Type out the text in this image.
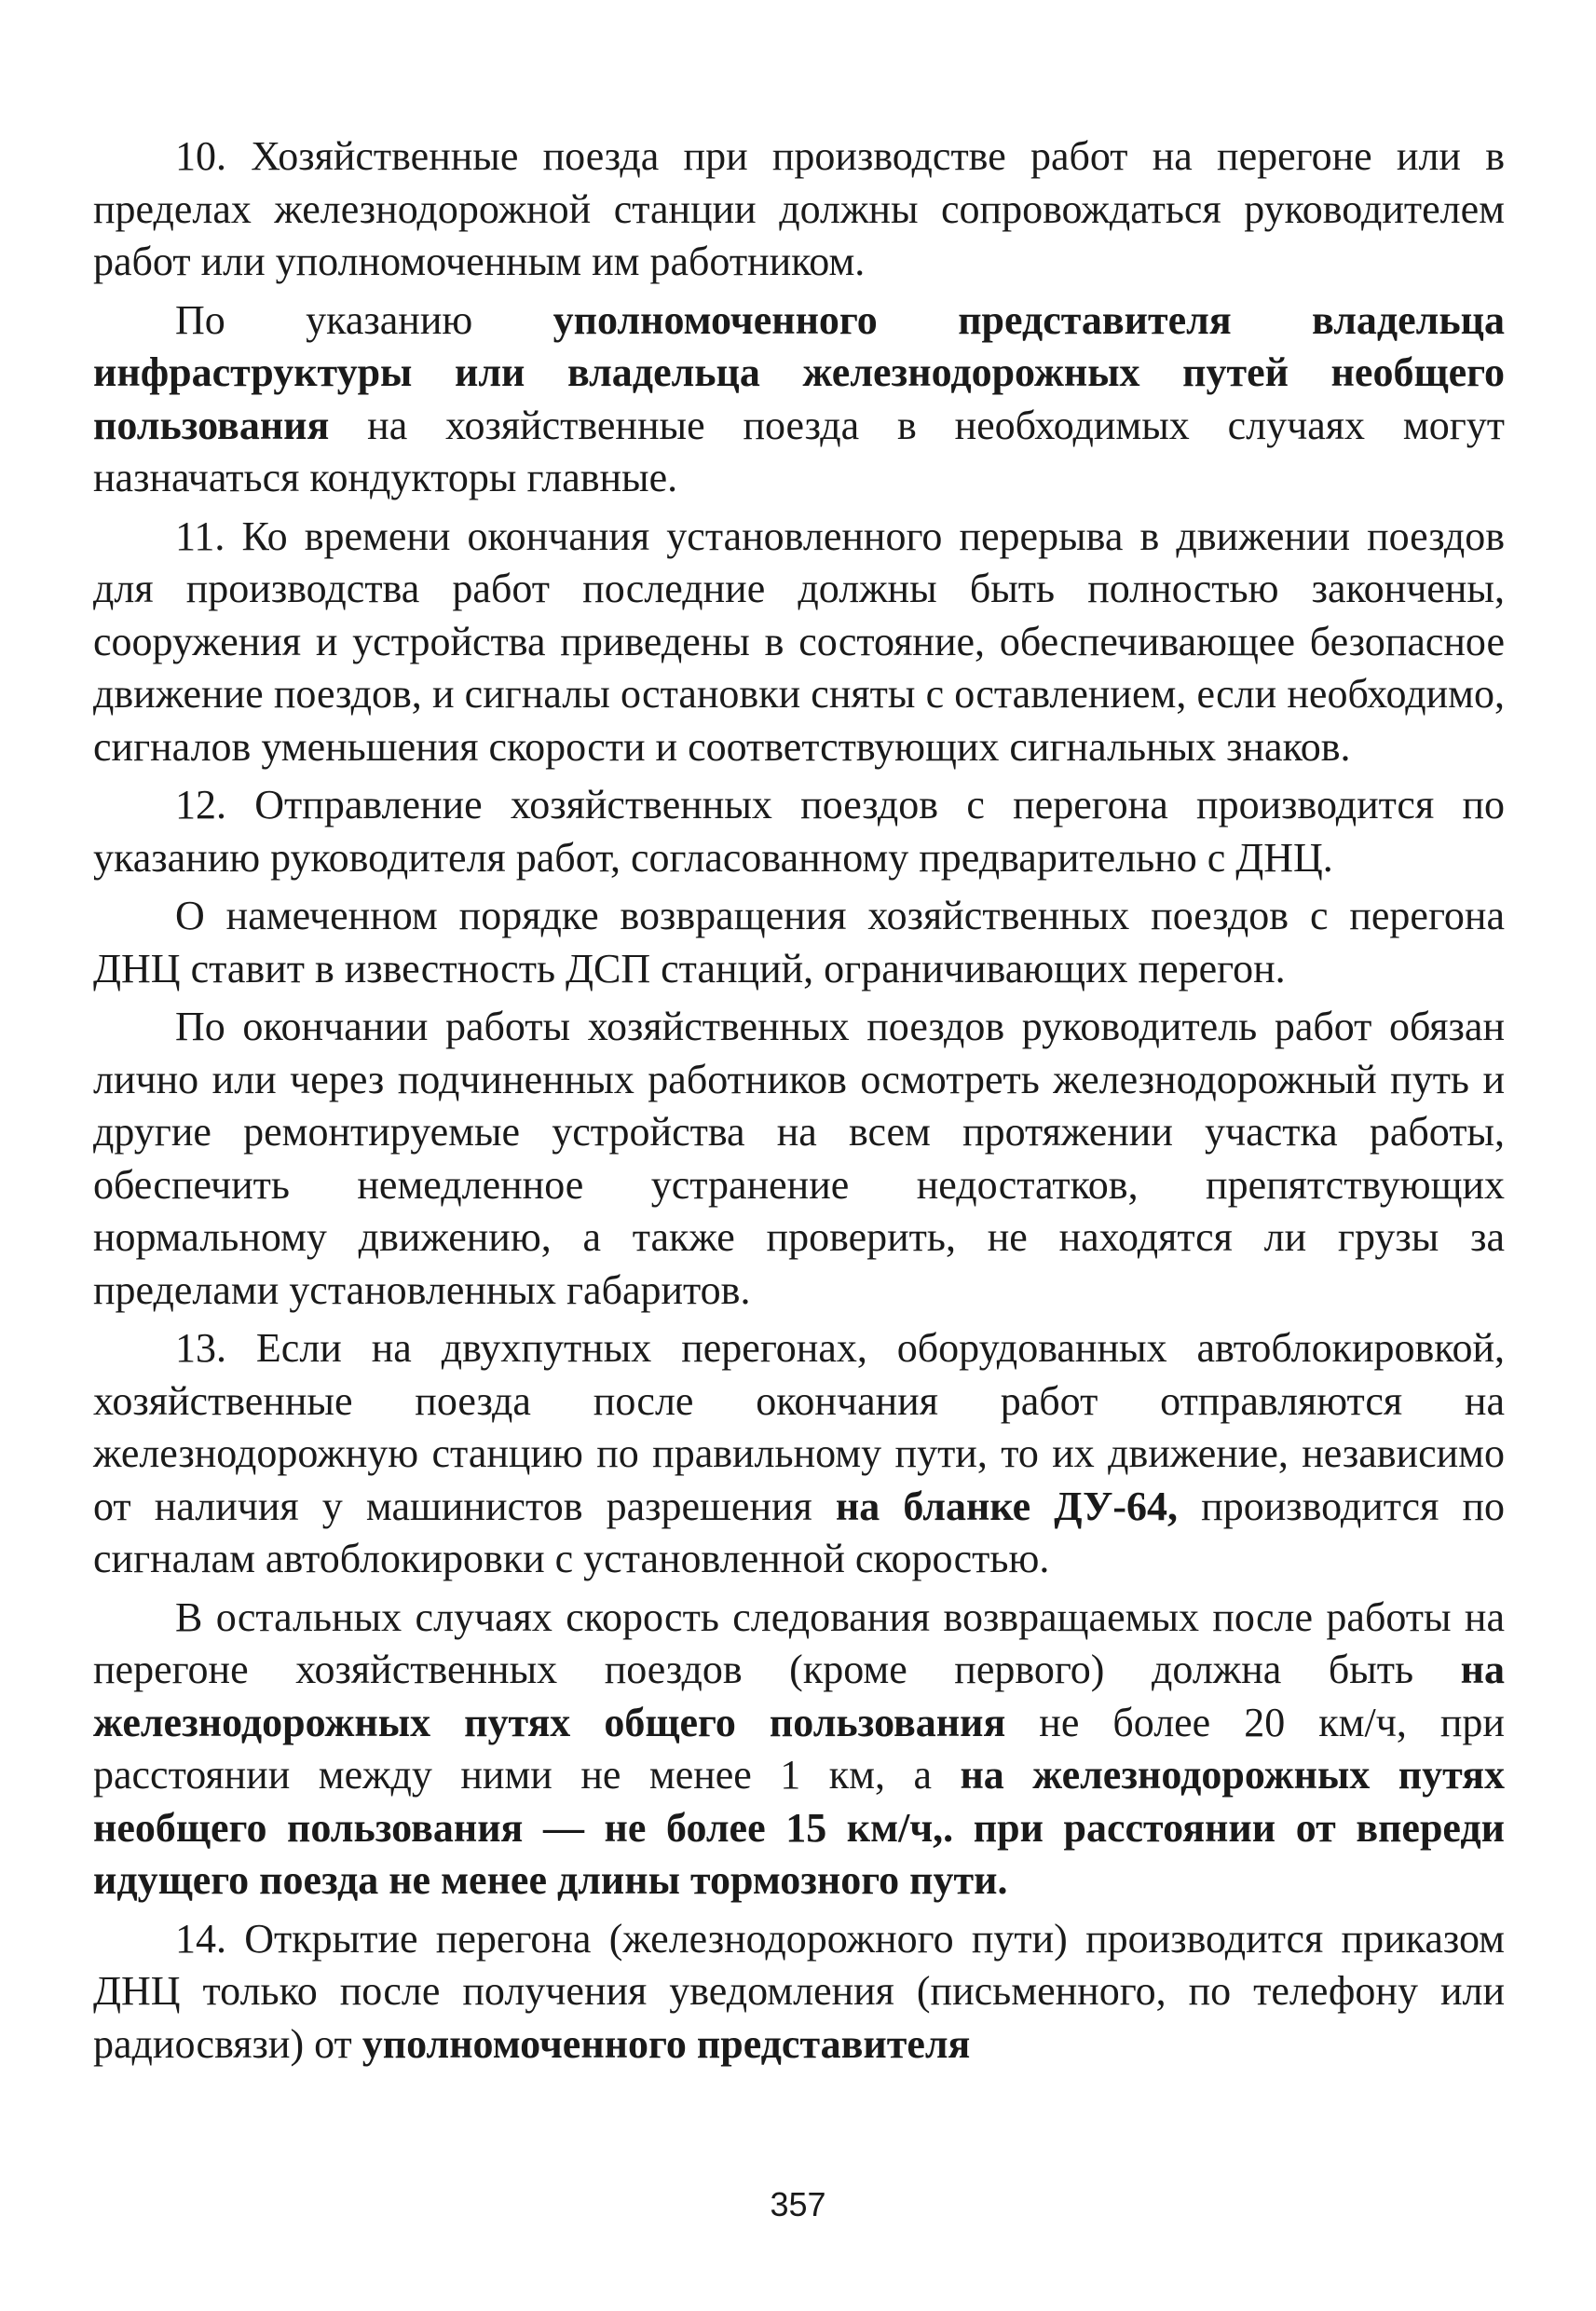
10. Хозяйственные поезда при производстве работ на перегоне или в пределах железнодорожной станции должны сопровождаться руководителем работ или уполномоченным им работником.

По указанию уполномоченного представителя владельца инфраструктуры или владельца железнодорожных путей необщего пользования на хозяйственные поезда в необходимых случаях могут назначаться кондукторы главные.

11. Ко времени окончания установленного перерыва в движении поездов для производства работ последние должны быть полностью закончены, сооружения и устройства приведены в состояние, обеспечивающее безопасное движение поездов, и сигналы остановки сняты с оставлением, если необходимо, сигналов уменьшения скорости и соответствующих сигнальных знаков.

12. Отправление хозяйственных поездов с перегона производится по указанию руководителя работ, согласованному предварительно с ДНЦ.

О намеченном порядке возвращения хозяйственных поездов с перегона ДНЦ ставит в известность ДСП станций, ограничивающих перегон.

По окончании работы хозяйственных поездов руководитель работ обязан лично или через подчиненных работников осмотреть железнодорожный путь и другие ремонтируемые устройства на всем протяжении участка работы, обеспечить немедленное устранение недостатков, препятствующих нормальному движению, а также проверить, не находятся ли грузы за пределами установленных габаритов.

13. Если на двухпутных перегонах, оборудованных автоблокировкой, хозяйственные поезда после окончания работ отправляются на железнодорожную станцию по правильному пути, то их движение, независимо от наличия у машинистов разрешения на бланке ДУ-64, производится по сигналам автоблокировки с установленной скоростью.

В остальных случаях скорость следования возвращаемых после работы на перегоне хозяйственных поездов (кроме первого) должна быть на железнодорожных путях общего пользования не более 20 км/ч, при расстоянии между ними не менее 1 км, а на железнодорожных путях необщего пользования — не более 15 км/ч,. при расстоянии от впереди идущего поезда не менее длины тормозного пути.

14. Открытие перегона (железнодорожного пути) производится приказом ДНЦ только после получения уведомления (письменного, по телефону или радиосвязи) от уполномоченного представителя

357
